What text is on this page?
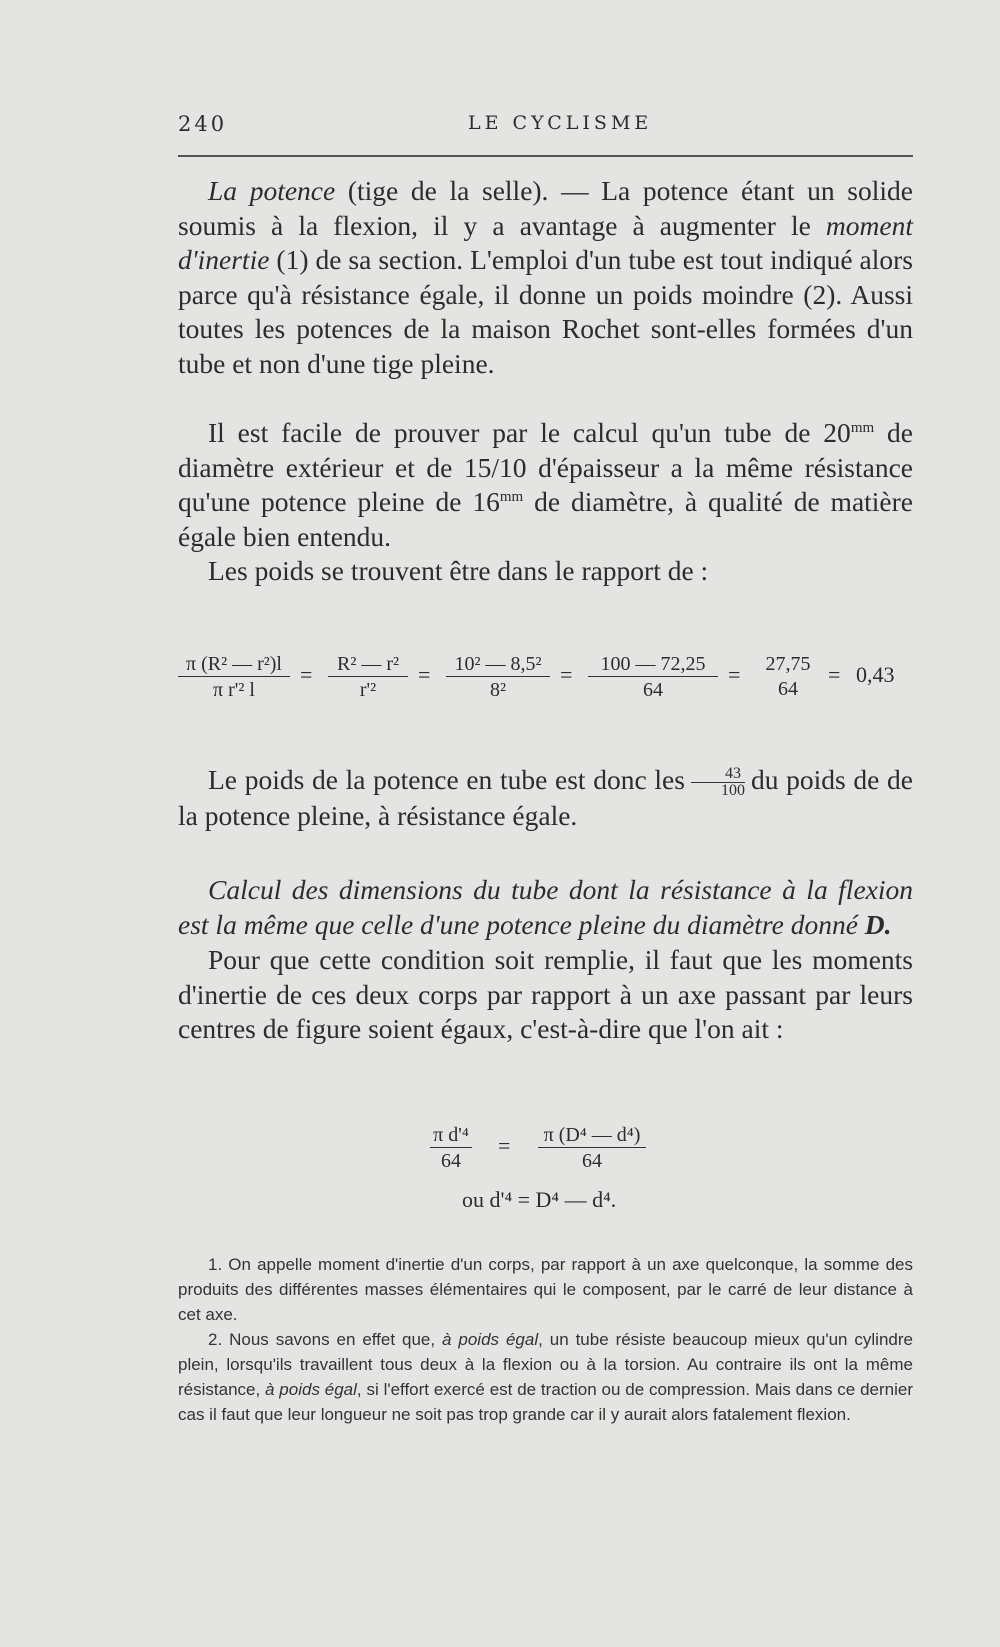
240	LE CYCLISME

La potence (tige de la selle). — La potence étant un solide soumis à la flexion, il y a avantage à augmenter le moment d'inertie (1) de sa section. L'emploi d'un tube est tout indiqué alors parce qu'à résistance égale, il donne un poids moindre (2). Aussi toutes les potences de la maison Rochet sont-elles formées d'un tube et non d'une tige pleine.

Il est facile de prouver par le calcul qu'un tube de $20^{mm}$ de diamètre extérieur et de 15/10 d'épaisseur a la même résistance qu'une potence pleine de $16^{mm}$ de diamètre, à qualité de matière égale bien entendu.

Les poids se trouvent être dans le rapport de :

$\frac{\text{π (R² — r²)l}}{\text{π r'² l}} = \frac{\text{R² — r²}}{\text{r'²}} = \frac{\text{10² — 8,5²}}{\text{8²}} = \frac{100 — 72,25}{64}$ =	27,75
64
= 0,43

Le poids de la potence en tube est donc les $\frac{43}{100}$ du poids de de la potence pleine, à résistance égale.

Calcul des dimensions du tube dont la résistance à la flexion est la même que celle d'une potence pleine du diamètre donné D.

Pour que cette condition soit remplie, il faut que les moments d'inertie de ces deux corps par rapport à un axe passant par leurs centres de figure soient égaux, c'est-à-dire que l'on ait :

$\frac{\text{π d'⁴}}{64} = \frac{\text{π (D⁴ — d⁴)}}{64}$
ou d'⁴ = D⁴ — d⁴.

1. On appelle moment d'inertie d'un corps, par rapport à un axe quelconque, la somme des produits des différentes masses élémentaires qui le composent, par le carré de leur distance à cet axe.

2. Nous savons en effet que, à poids égal, un tube résiste beaucoup mieux qu'un cylindre plein, lorsqu'ils travaillent tous deux à la flexion ou à la torsion. Au contraire ils ont la même résistance, à poids égal, si l'effort exercé est de traction ou de compression. Mais dans ce dernier cas il faut que leur longueur ne soit pas trop grande car il y aurait alors fatalement flexion.
